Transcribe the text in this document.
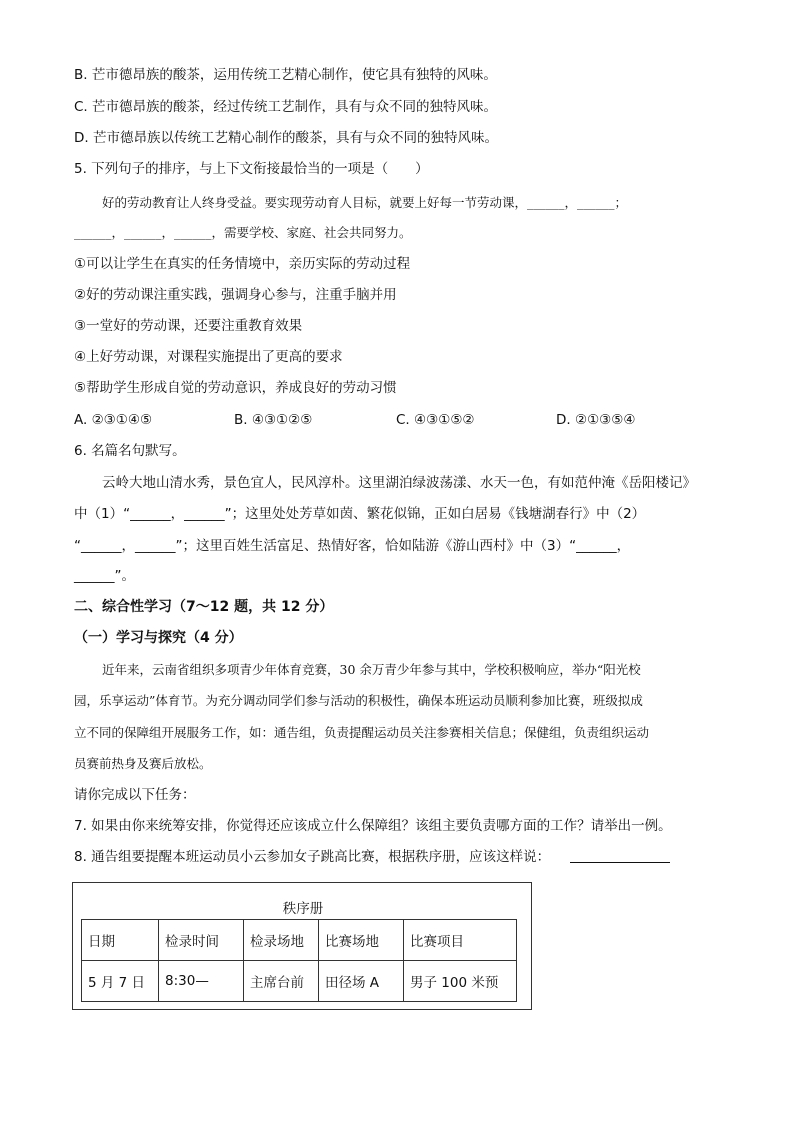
B. 芒市德昂族的酸茶，运用传统工艺精心制作，使它具有独特的风味。
C. 芒市德昂族的酸茶，经过传统工艺制作，具有与众不同的独特风味。
D. 芒市德昂族以传统工艺精心制作的酸茶，具有与众不同的独特风味。
5. 下列句子的排序，与上下文衔接最恰当的一项是（　　）
好的劳动教育让人终身受益。要实现劳动育人目标，就要上好每一节劳动课，______，______；
______，______，______，需要学校、家庭、社会共同努力。
①可以让学生在真实的任务情境中，亲历实际的劳动过程
②好的劳动课注重实践，强调身心参与，注重手脑并用
③一堂好的劳动课，还要注重教育效果
④上好劳动课，对课程实施提出了更高的要求
⑤帮助学生形成自觉的劳动意识，养成良好的劳动习惯
A. ②③①④⑤	B. ④③①②⑤	C. ④③①⑤②	D. ②①③⑤④
6. 名篇名句默写。
云岭大地山清水秀，景色宜人，民风淳朴。这里湖泊绿波荡漾、水天一色，有如范仲淹《岳阳楼记》
中（1）“______，______”；这里处处芳草如茵、繁花似锦，正如白居易《钱塘湖春行》中（2）
“______，______”；这里百姓生活富足、热情好客，恰如陆游《游山西村》中（3）“______，
______”。
二、综合性学习（7～12 题，共 12 分）
（一）学习与探究（4 分）
近年来，云南省组织多项青少年体育竞赛，30 余万青少年参与其中，学校积极响应，举办“阳光校
园，乐享运动”体育节。为充分调动同学们参与活动的积极性，确保本班运动员顺利参加比赛，班级拟成
立不同的保障组开展服务工作，如：通告组，负责提醒运动员关注参赛相关信息；保健组，负责组织运动
员赛前热身及赛后放松。
请你完成以下任务：
7. 如果由你来统筹安排，你觉得还应该成立什么保障组？该组主要负责哪方面的工作？请举出一例。
8. 通告组要提醒本班运动员小云参加女子跳高比赛，根据秩序册，应该这样说：
秩序册
日期	检录时间	检录场地	比赛场地	比赛项目
5 月 7 日	8:30—	主席台前	田径场 A	男子 100 米预
